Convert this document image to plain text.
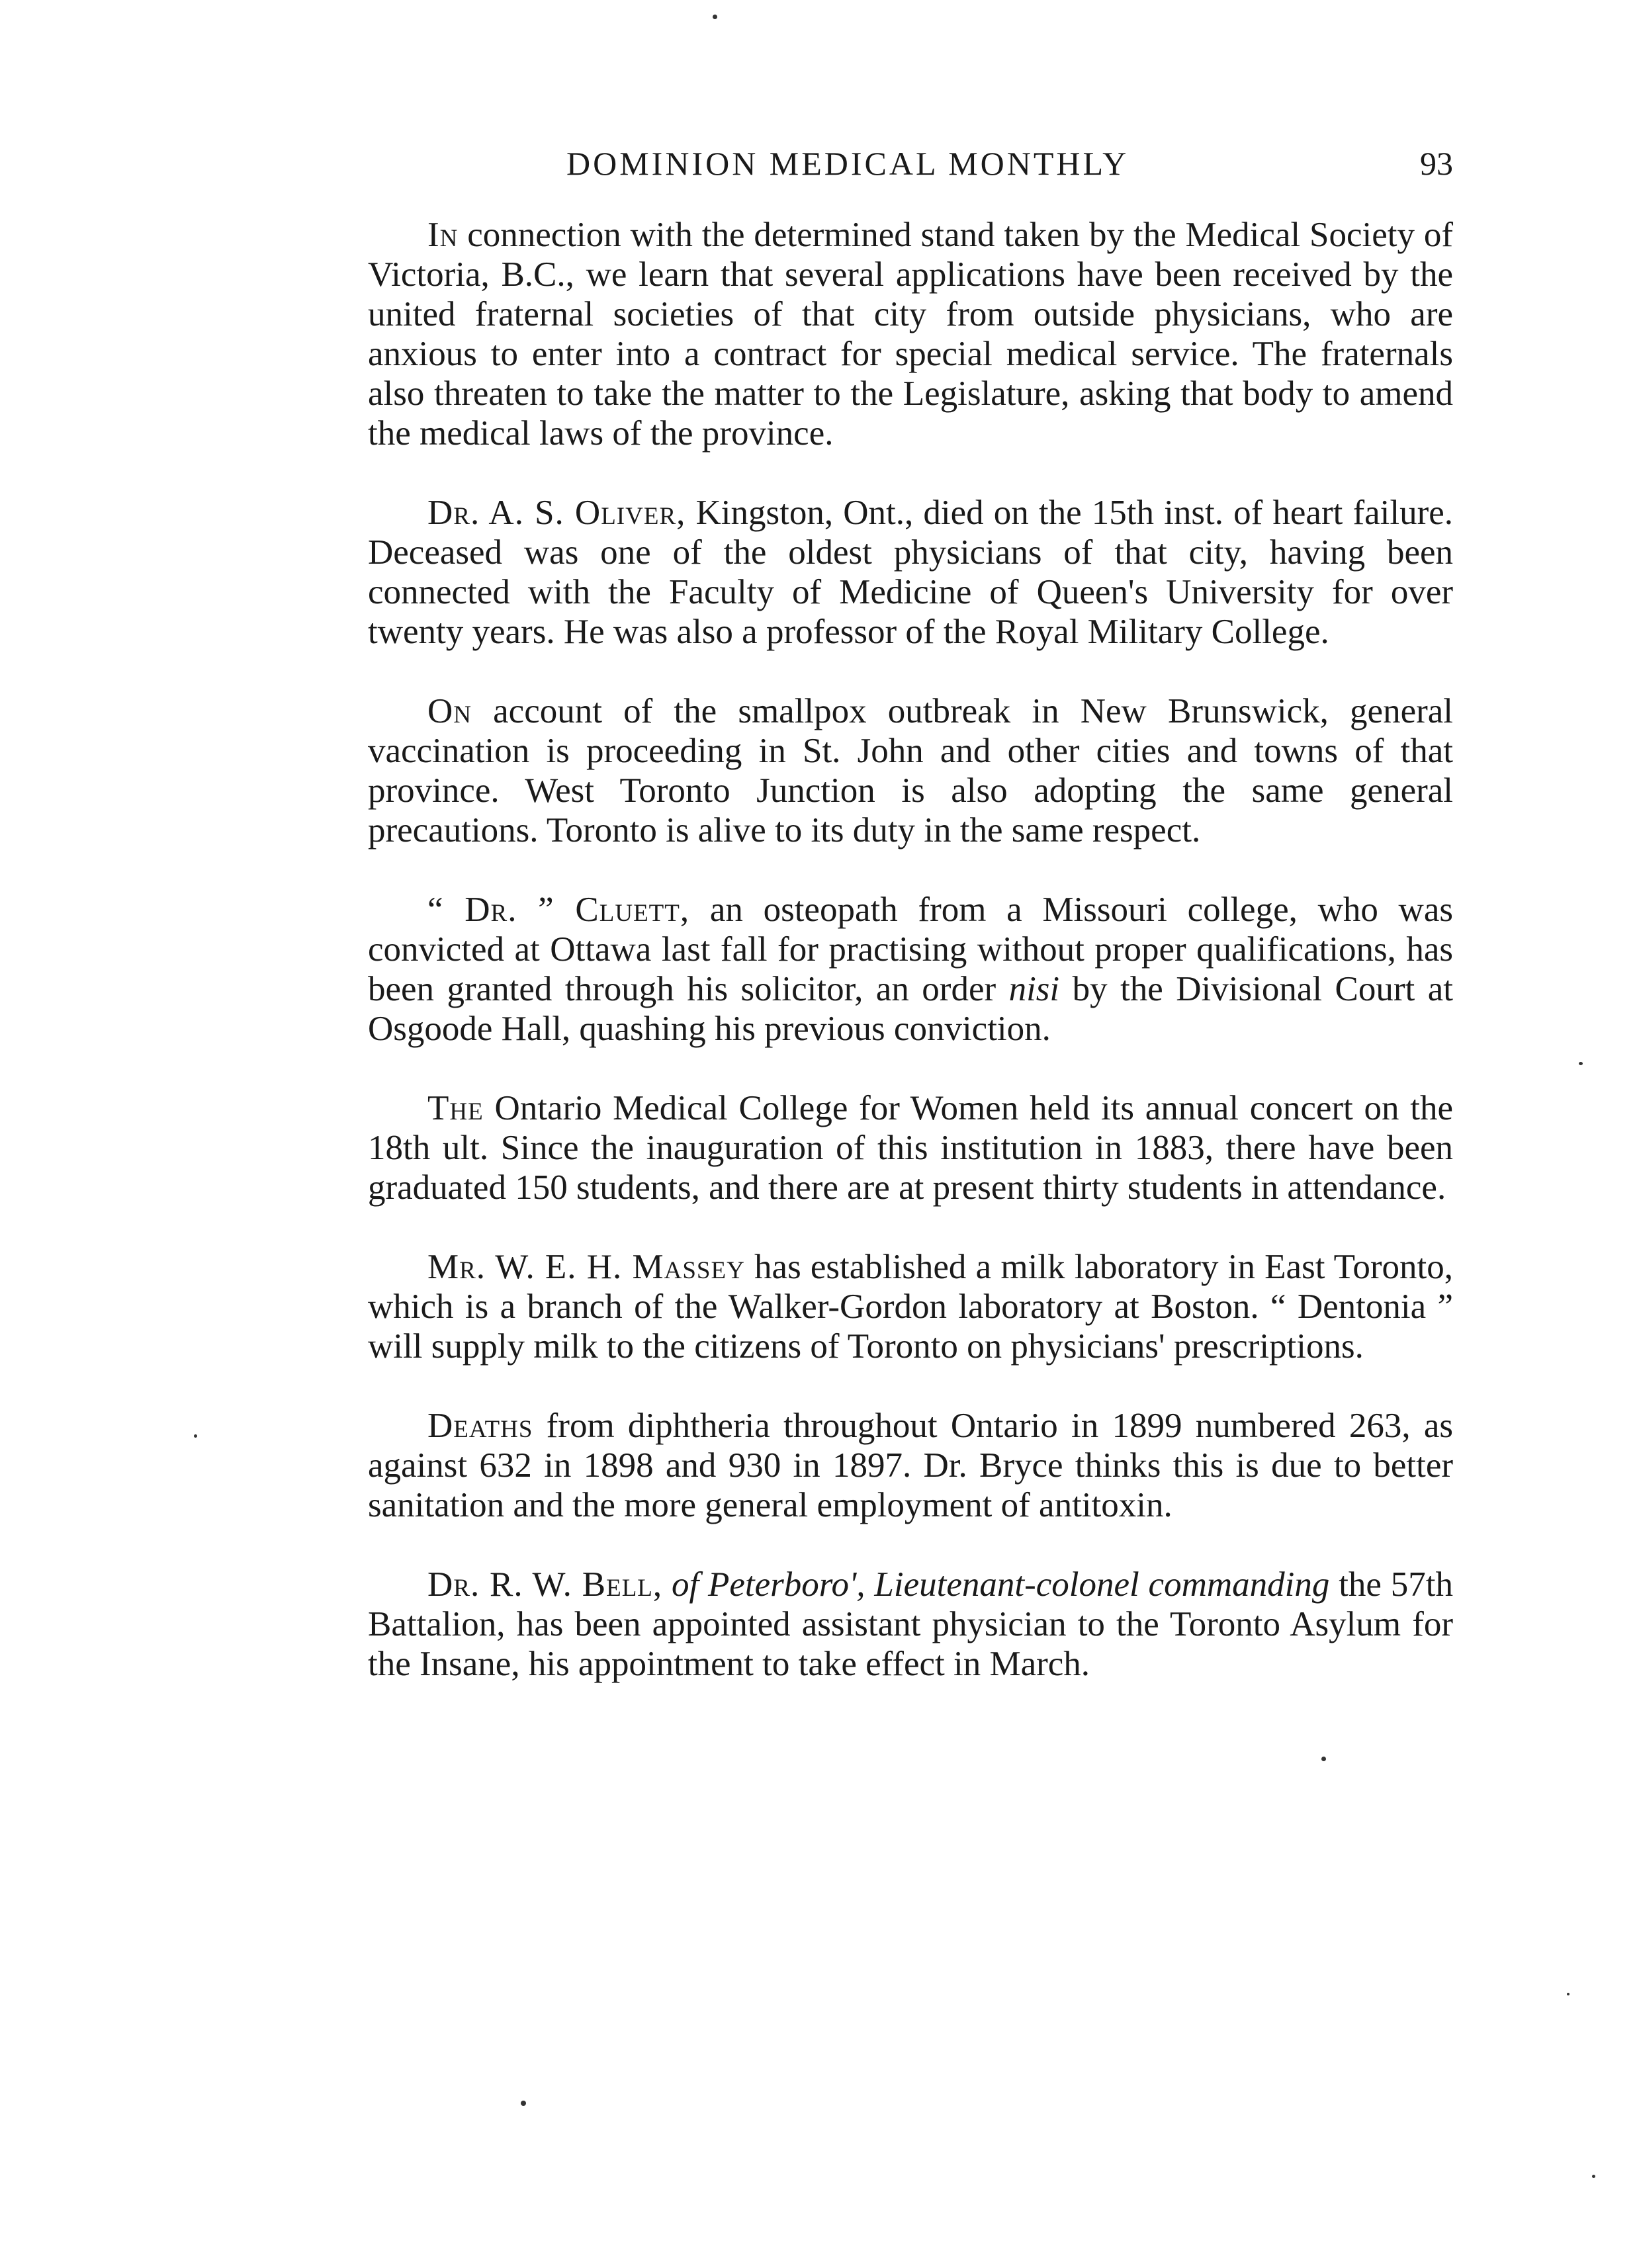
DOMINION MEDICAL MONTHLY	93

In connection with the determined stand taken by the Medical Society of Victoria, B.C., we learn that several applications have been received by the united fraternal societies of that city from outside physicians, who are anxious to enter into a contract for special medical service. The fraternals also threaten to take the matter to the Legislature, asking that body to amend the medical laws of the province.

Dr. A. S. Oliver, Kingston, Ont., died on the 15th inst. of heart failure. Deceased was one of the oldest physicians of that city, having been connected with the Faculty of Medicine of Queen's University for over twenty years. He was also a professor of the Royal Military College.

On account of the smallpox outbreak in New Brunswick, general vaccination is proceeding in St. John and other cities and towns of that province. West Toronto Junction is also adopting the same general precautions. Toronto is alive to its duty in the same respect.

“ Dr. ” Cluett, an osteopath from a Missouri college, who was convicted at Ottawa last fall for practising without proper qualifications, has been granted through his solicitor, an order nisi by the Divisional Court at Osgoode Hall, quashing his previous conviction.

The Ontario Medical College for Women held its annual concert on the 18th ult. Since the inauguration of this institution in 1883, there have been graduated 150 students, and there are at present thirty students in attendance.

Mr. W. E. H. Massey has established a milk laboratory in East Toronto, which is a branch of the Walker-Gordon laboratory at Boston. “ Dentonia ” will supply milk to the citizens of Toronto on physicians' prescriptions.

Deaths from diphtheria throughout Ontario in 1899 numbered 263, as against 632 in 1898 and 930 in 1897. Dr. Bryce thinks this is due to better sanitation and the more general employment of antitoxin.

Dr. R. W. Bell, of Peterboro', Lieutenant-colonel commanding the 57th Battalion, has been appointed assistant physician to the Toronto Asylum for the Insane, his appointment to take effect in March.
